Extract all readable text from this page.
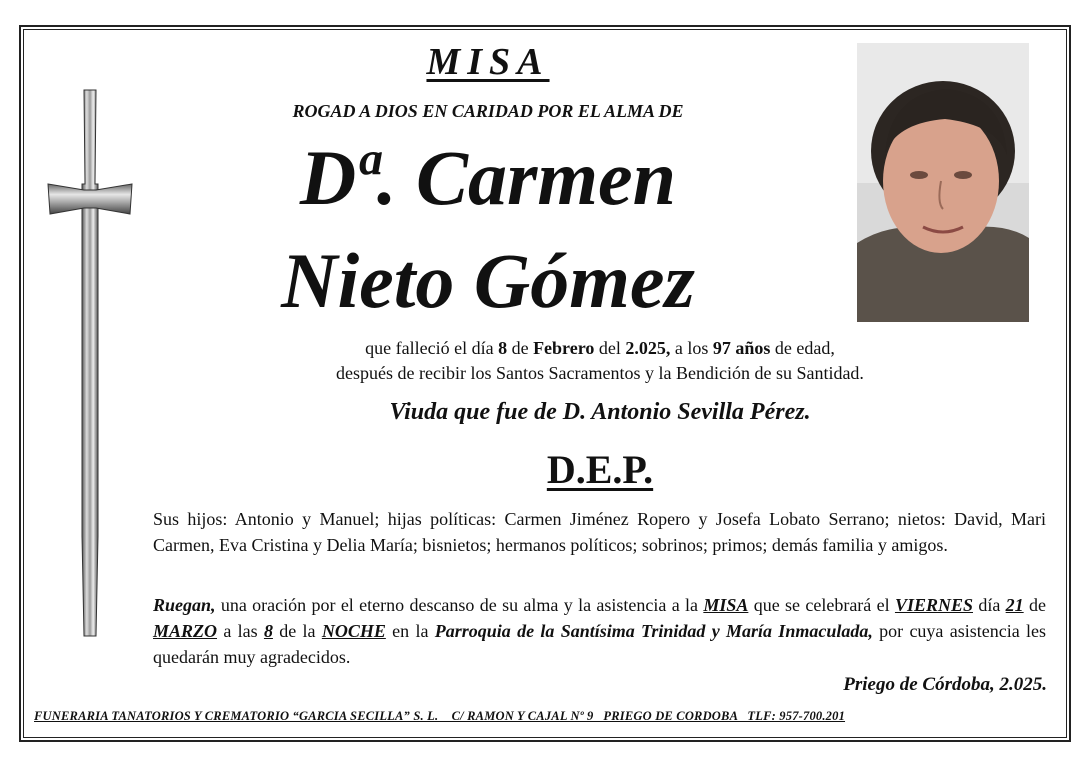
MISA
ROGAD A DIOS EN CARIDAD POR EL ALMA DE
Dª. Carmen
Nieto Gómez
que falleció el día 8 de Febrero del 2.025, a los 97 años de edad,
después de recibir los Santos Sacramentos y la Bendición de su Santidad.
Viuda que fue de D. Antonio Sevilla Pérez.
D.E.P.
Sus hijos: Antonio y Manuel; hijas políticas: Carmen Jiménez Ropero y Josefa Lobato Serrano; nietos: David, Mari Carmen, Eva Cristina y Delia María; bisnietos; hermanos políticos; sobrinos; primos; demás familia y amigos.
Ruegan, una oración por el eterno descanso de su alma y la asistencia a la MISA que se celebrará el VIERNES día 21 de MARZO a las 8 de la NOCHE en la Parroquia de la Santísima Trinidad y María Inmaculada, por cuya asistencia les quedarán muy agradecidos.
Priego de Córdoba, 2.025.
FUNERARIA TANATORIOS Y CREMATORIO “GARCIA SECILLA” S. L.    C/ RAMON Y CAJAL Nº 9   PRIEGO DE CORDOBA   TLF: 957-700.201
